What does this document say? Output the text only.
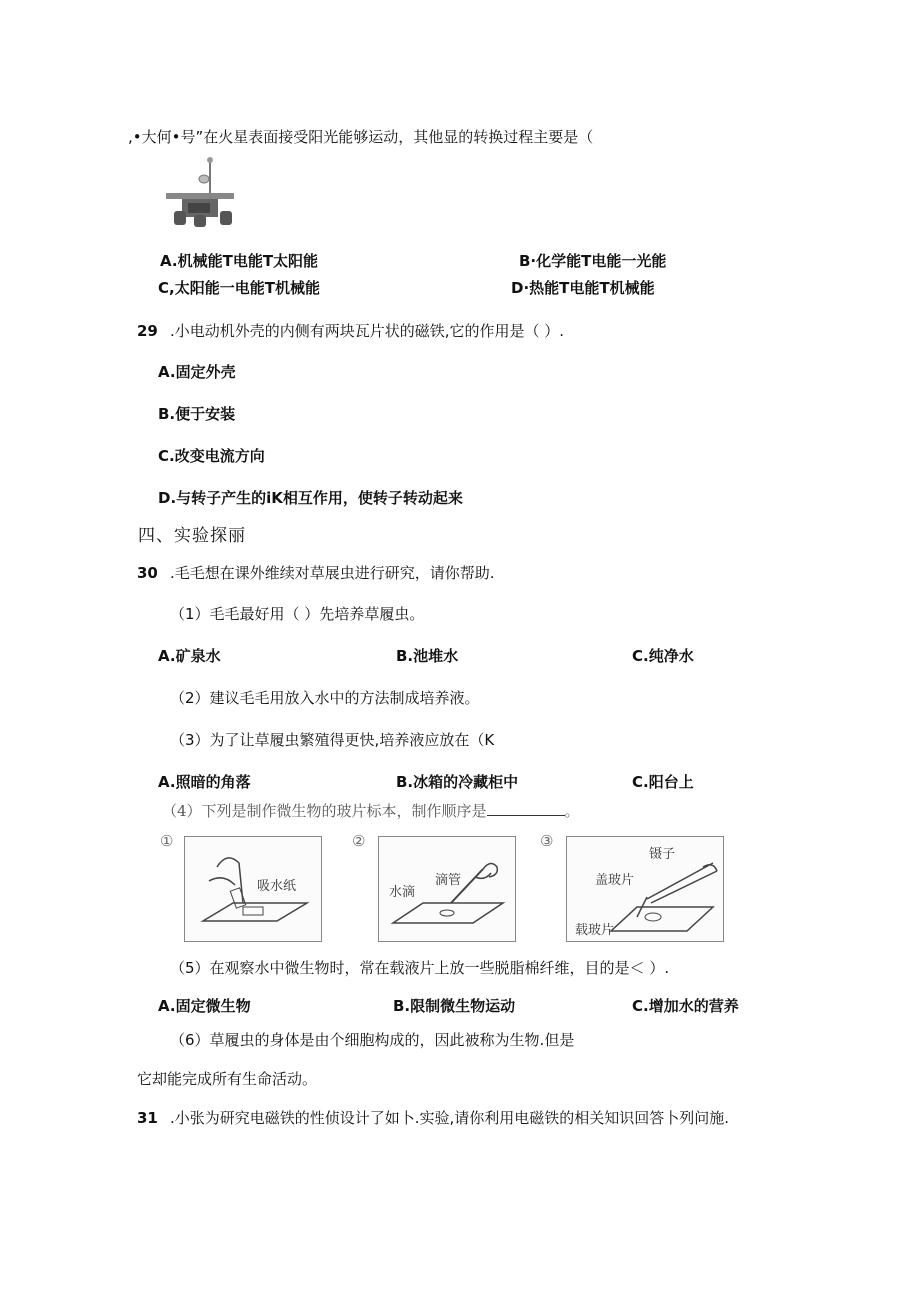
,•大何•号”在火星表面接受阳光能够运动，其他显的转换过程主要是（
A.机械能T电能T太阳能	B·化学能T电能一光能
C,太阳能一电能T机械能	D·热能T电能T机械能
29 .小电动机外壳的内侧有两块瓦片状的磁铁,它的作用是（ ）.
A.固定外壳
B.便于安装
C.改变电流方向
D.与转子产生的iK相互作用，使转子转动起来
四、实验探丽
30 .毛毛想在课外维续对草展虫进行研究，请你帮助.
（1）毛毛最好用（ ）先培养草履虫。
A.矿泉水	B.池堆水	C.纯净水
（2）建议毛毛用放入水中的方法制成培养液。
（3）为了让草履虫繁殖得更快,培养液应放在（K
A.照暗的角落	B.冰箱的冷藏柜中	C.阳台上
（4）下列是制作微生物的玻片标本，制作顺序是	。
①
吸水纸
②
水滴
滴管
③
镊子
盖玻片
载玻片
（5）在观察水中微生物时，常在载液片上放一些脱脂棉纤维，目的是＜ ）.
A.固定微生物	B.限制微生物运动	C.增加水的营养
（6）草履虫的身体是由个细胞构成的，因此被称为生物.但是
它却能完成所有生命活动。
31 .小张为研究电磁铁的性侦设计了如卜.实验,请你利用电磁铁的相关知识回答卜列问施.
